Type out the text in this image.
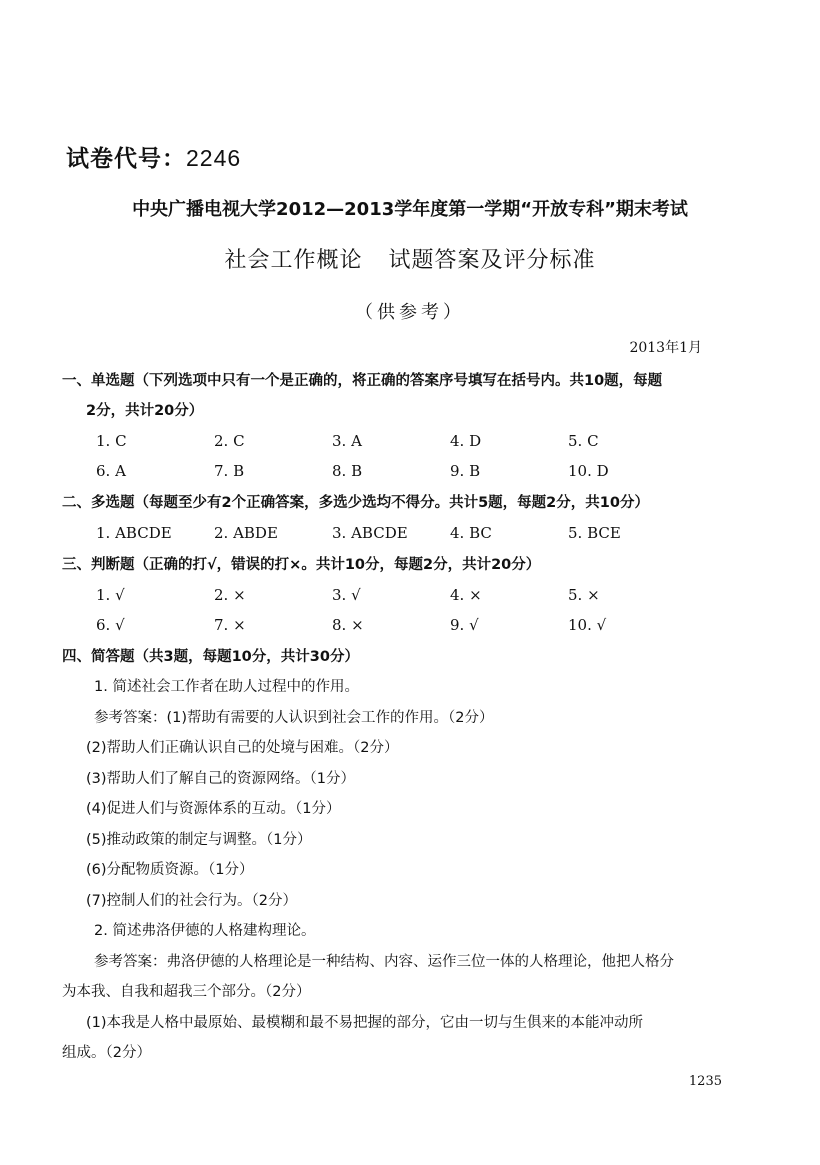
试卷代号：2246
中央广播电视大学2012—2013学年度第一学期“开放专科”期末考试
社会工作概论 试题答案及评分标准
（供参考）
2013年1月
一、单选题（下列选项中只有一个是正确的，将正确的答案序号填写在括号内。共10题，每题
2分，共计20分）
1. C	2. C	3. A	4. D	5. C
6. A	7. B	8. B	9. B	10. D
二、多选题（每题至少有2个正确答案，多选少选均不得分。共计5题，每题2分，共10分）
1. ABCDE	2. ABDE	3. ABCDE	4. BC	5. BCE
三、判断题（正确的打√，错误的打×。共计10分，每题2分，共计20分）
1. √	2. ×	3. √	4. ×	5. ×
6. √	7. ×	8. ×	9. √	10. √
四、简答题（共3题，每题10分，共计30分）
1. 简述社会工作者在助人过程中的作用。
参考答案：(1)帮助有需要的人认识到社会工作的作用。（2分）
(2)帮助人们正确认识自己的处境与困难。（2分）
(3)帮助人们了解自己的资源网络。（1分）
(4)促进人们与资源体系的互动。（1分）
(5)推动政策的制定与调整。（1分）
(6)分配物质资源。（1分）
(7)控制人们的社会行为。（2分）
2. 简述弗洛伊德的人格建构理论。
参考答案：弗洛伊德的人格理论是一种结构、内容、运作三位一体的人格理论，他把人格分
为本我、自我和超我三个部分。（2分）
(1)本我是人格中最原始、最模糊和最不易把握的部分，它由一切与生俱来的本能冲动所
组成。（2分）
1235
